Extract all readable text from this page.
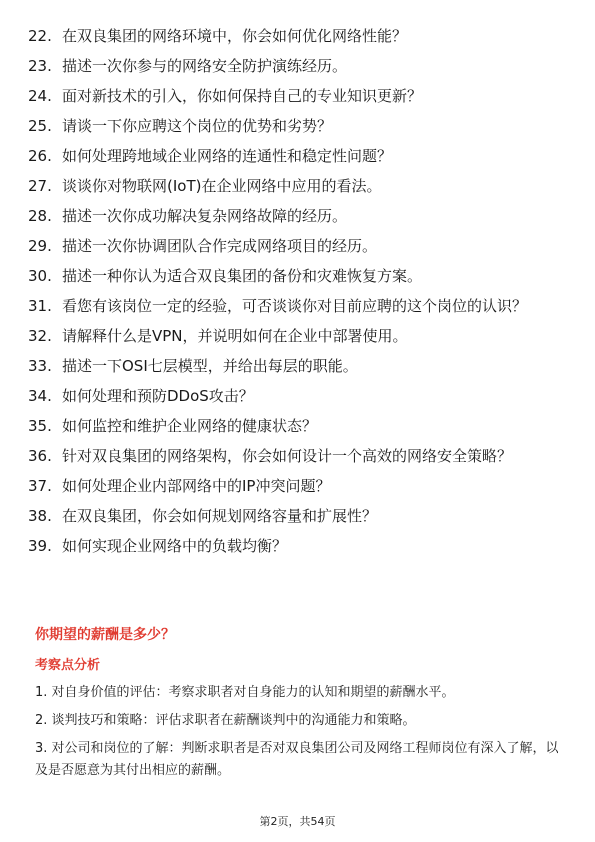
22. 在双良集团的网络环境中，你会如何优化网络性能？
23. 描述一次你参与的网络安全防护演练经历。
24. 面对新技术的引入，你如何保持自己的专业知识更新？
25. 请谈一下你应聘这个岗位的优势和劣势？
26. 如何处理跨地域企业网络的连通性和稳定性问题？
27. 谈谈你对物联网(IoT)在企业网络中应用的看法。
28. 描述一次你成功解决复杂网络故障的经历。
29. 描述一次你协调团队合作完成网络项目的经历。
30. 描述一种你认为适合双良集团的备份和灾难恢复方案。
31. 看您有该岗位一定的经验，可否谈谈你对目前应聘的这个岗位的认识？
32. 请解释什么是VPN，并说明如何在企业中部署使用。
33. 描述一下OSI七层模型，并给出每层的职能。
34. 如何处理和预防DDoS攻击？
35. 如何监控和维护企业网络的健康状态？
36. 针对双良集团的网络架构，你会如何设计一个高效的网络安全策略？
37. 如何处理企业内部网络中的IP冲突问题？
38. 在双良集团，你会如何规划网络容量和扩展性？
39. 如何实现企业网络中的负载均衡？
你期望的薪酬是多少？
考察点分析
1. 对自身价值的评估：考察求职者对自身能力的认知和期望的薪酬水平。
2. 谈判技巧和策略：评估求职者在薪酬谈判中的沟通能力和策略。
3. 对公司和岗位的了解：判断求职者是否对双良集团公司及网络工程师岗位有深入了解，以及是否愿意为其付出相应的薪酬。
第2页，共54页
